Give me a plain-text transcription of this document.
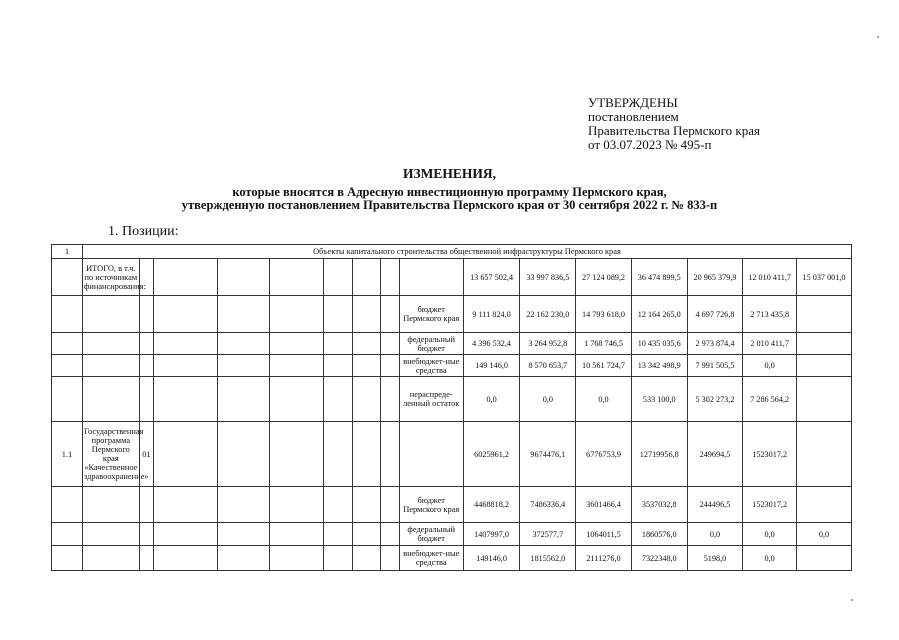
УТВЕРЖДЕНЫ
постановлением
Правительства Пермского края
от 03.07.2023 № 495-п
ИЗМЕНЕНИЯ,
которые вносятся в Адресную инвестиционную программу Пермского края,
утвержденную постановлением Правительства Пермского края от 30 сентября 2022 г. № 833-п
1. Позиции:
1	Объекты капитального строительства общественной инфраструктуры Пермского края															
	ИТОГО, в т.ч. по источникам финансирования:									13 657 502,4	33 997 836,5	27 124 089,2	36 474 899,5	20 965 379,9	12 010 411,7	15 037 001,0
									бюджет Пермского края	9 111 824,0	22 162 230,0	14 793 618,0	12 164 265,0	4 697 726,8	2 713 435,8	
									федеральный бюджет	4 396 532,4	3 264 952,8	1 768 746,5	10 435 035,6	2 973 874,4	2 010 411,7	
									внебюджет-ные средства	149 146,0	8 570 653,7	10 561 724,7	13 342 498,9	7 991 505,5	0,0	
									нераспреде-ленный остаток	0,0	0,0	0,0	533 100,0	5 302 273,2	7 286 564,2	
1.1	Государственная программа Пермского края «Качественное здравоохранение»	01								6025961,2	9674476,1	6776753,9	12719956,8	249694,5	1523017,2	
									бюджет Пермского края	4468818,2	7486336,4	3601466,4	3537032,8	244496,5	1523017,2	
									федеральный бюджет	1407997,0	372577,7	1064011,5	1860576,0	0,0	0,0	0,0
									внебюджет-ные средства	149146,0	1815562,0	2111276,0	7322348,0	5198,0	0,0	
